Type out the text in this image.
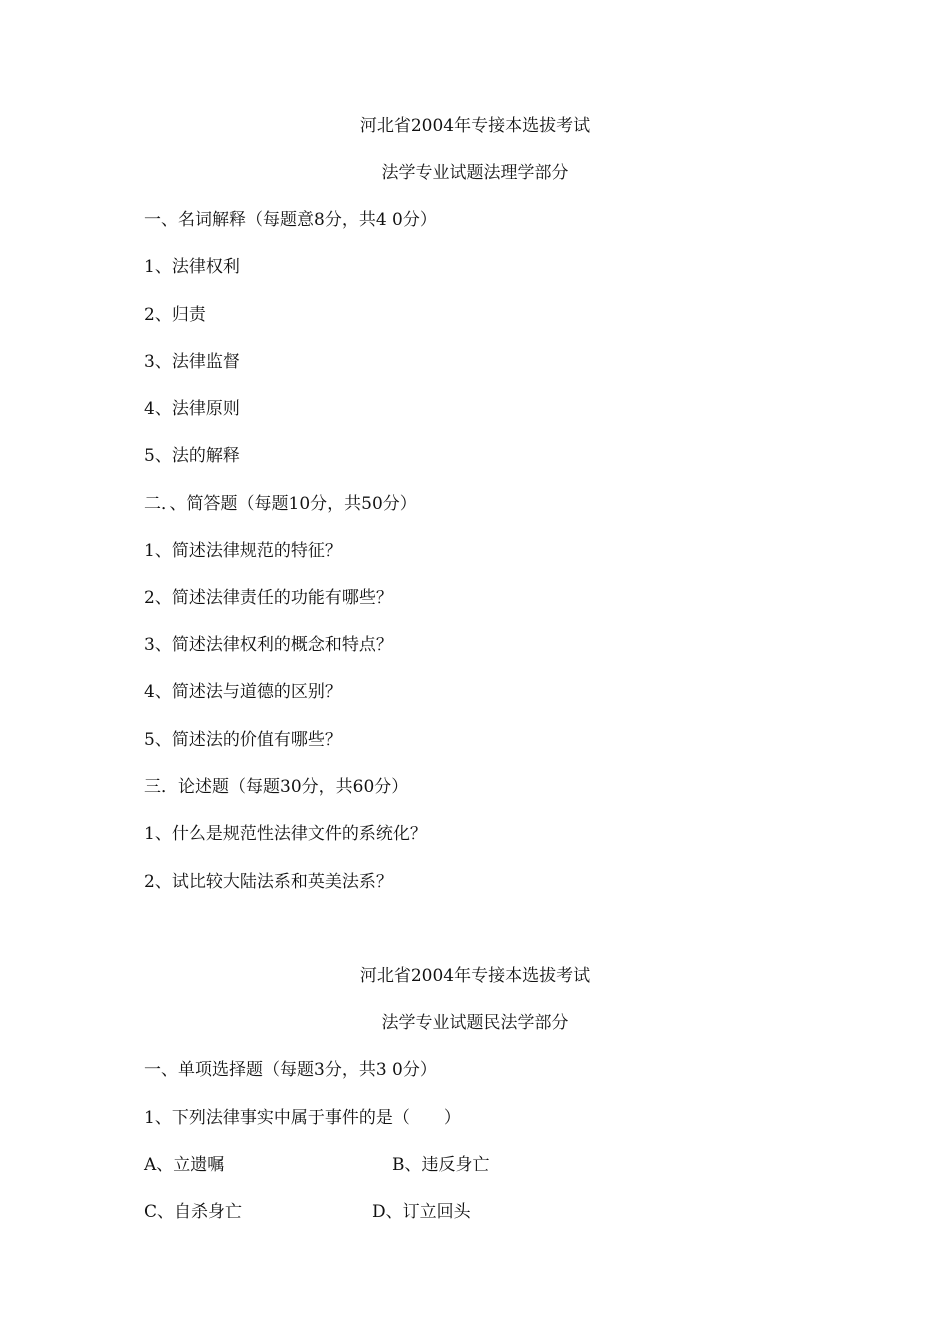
河北省2004年专接本选拔考试
法学专业试题法理学部分
一、名词解释（每题意8分，共4 0分）
1、法律权利
2、归责
3、法律监督
4、法律原则
5、法的解释
二．、简答题（每题10分，共50分）
1、简述法律规范的特征？
2、简述法律责任的功能有哪些？
3、简述法律权利的概念和特点？
4、简述法与道德的区别？
5、简述法的价值有哪些？
三．论述题（每题30分，共60分）
1、什么是规范性法律文件的系统化？
2、试比较大陆法系和英美法系？
河北省2004年专接本选拔考试
法学专业试题民法学部分
一、单项选择题（每题3分，共3 0分）
1、下列法律事实中属于事件的是（　　）
A、立遗嘱	B、违反身亡
C、自杀身亡	D、订立回头
